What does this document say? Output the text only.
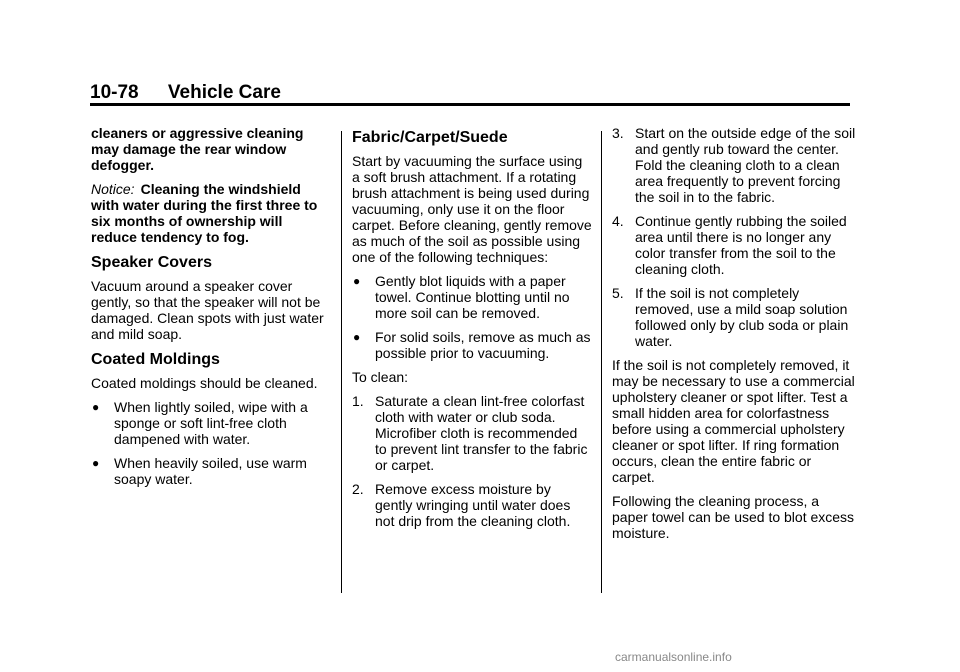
10-78 Vehicle Care

cleaners or aggressive cleaning may damage the rear window defogger.

Notice: Cleaning the windshield with water during the first three to six months of ownership will reduce tendency to fog.

Speaker Covers

Vacuum around a speaker cover gently, so that the speaker will not be damaged. Clean spots with just water and mild soap.

Coated Moldings

Coated moldings should be cleaned.

● When lightly soiled, wipe with a sponge or soft lint-free cloth dampened with water.
● When heavily soiled, use warm soapy water.
Fabric/Carpet/Suede

Start by vacuuming the surface using a soft brush attachment. If a rotating brush attachment is being used during vacuuming, only use it on the floor carpet. Before cleaning, gently remove as much of the soil as possible using one of the following techniques:

● Gently blot liquids with a paper towel. Continue blotting until no more soil can be removed.
● For solid soils, remove as much as possible prior to vacuuming.

To clean:

1. Saturate a clean lint-free colorfast cloth with water or club soda. Microfiber cloth is recommended to prevent lint transfer to the fabric or carpet.
2. Remove excess moisture by gently wringing until water does not drip from the cleaning cloth.
3. Start on the outside edge of the soil and gently rub toward the center. Fold the cleaning cloth to a clean area frequently to prevent forcing the soil in to the fabric.
4. Continue gently rubbing the soiled area until there is no longer any color transfer from the soil to the cleaning cloth.
5. If the soil is not completely removed, use a mild soap solution followed only by club soda or plain water.

If the soil is not completely removed, it may be necessary to use a commercial upholstery cleaner or spot lifter. Test a small hidden area for colorfastness before using a commercial upholstery cleaner or spot lifter. If ring formation occurs, clean the entire fabric or carpet.

Following the cleaning process, a paper towel can be used to blot excess moisture.

carmanualsonline.info
